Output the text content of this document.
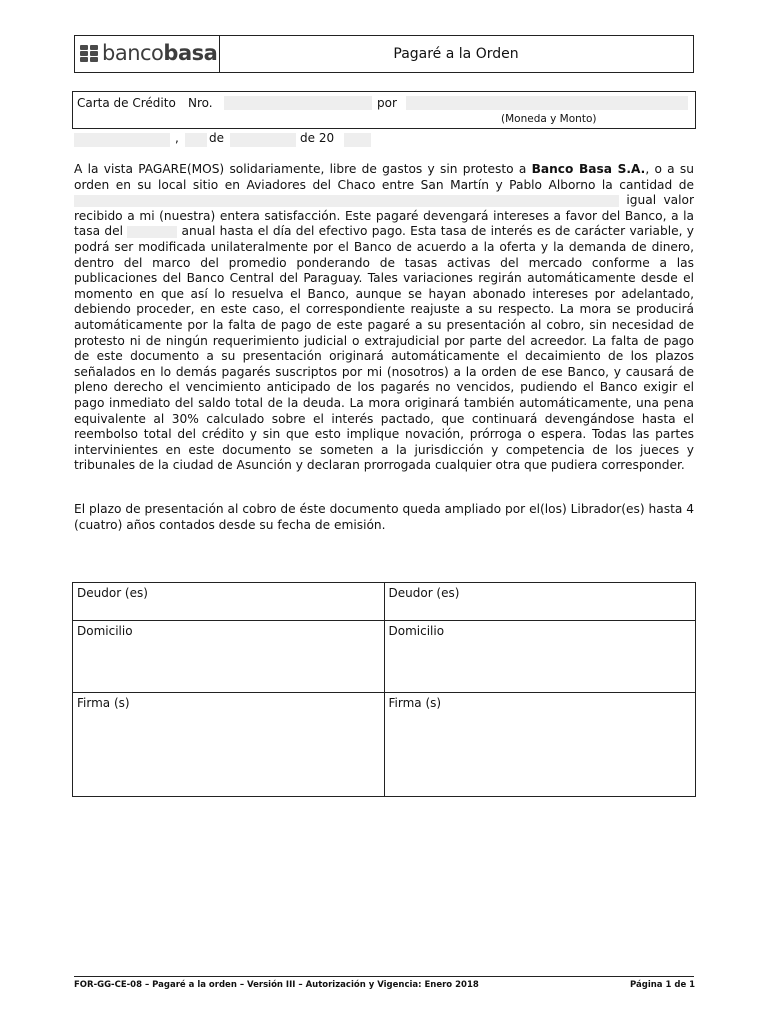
bancobasa	Pagaré a la Orden
Carta de Crédito Nro.	por
(Moneda y Monto)
,	de	de 20
A la vista PAGARE(MOS) solidariamente, libre de gastos y sin protesto a Banco Basa S.A., o a su orden en su local sitio en Aviadores del Chaco entre San Martín y Pablo Alborno la cantidad de  igual valor recibido a mi (nuestra) entera satisfacción. Este pagaré devengará intereses a favor del Banco, a la tasa del	anual hasta el día del efectivo pago. Esta tasa de interés es de carácter variable, y podrá ser modificada unilateralmente por el Banco de acuerdo a la oferta y la demanda de dinero, dentro del marco del promedio ponderando de tasas activas del mercado conforme a las publicaciones del Banco Central del Paraguay. Tales variaciones regirán automáticamente desde el momento en que así lo resuelva el Banco, aunque se hayan abonado intereses por adelantado, debiendo proceder, en este caso, el correspondiente reajuste a su respecto. La mora se producirá automáticamente por la falta de pago de este pagaré a su presentación al cobro, sin necesidad de protesto ni de ningún requerimiento judicial o extrajudicial por parte del acreedor. La falta de pago de este documento a su presentación originará automáticamente el decaimiento de los plazos señalados en lo demás pagarés suscriptos por mi (nosotros) a la orden de ese Banco, y causará de pleno derecho el vencimiento anticipado de los pagarés no vencidos, pudiendo el Banco exigir el pago inmediato del saldo total de la deuda. La mora originará también automáticamente, una pena equivalente al 30% calculado sobre el interés pactado, que continuará devengándose hasta el reembolso total del crédito y sin que esto implique novación, prórroga o espera. Todas las partes intervinientes en este documento se someten a la jurisdicción y competencia de los jueces y tribunales de la ciudad de Asunción y declaran prorrogada cualquier otra que pudiera corresponder.
El plazo de presentación al cobro de éste documento queda ampliado por el(los) Librador(es) hasta 4 (cuatro) años contados desde su fecha de emisión.
Deudor (es)	Deudor (es)
Domicilio	Domicilio
Firma (s)	Firma (s)
FOR-GG-CE-08 – Pagaré a la orden – Versión III – Autorización y Vigencia: Enero 2018	Página 1 de 1
